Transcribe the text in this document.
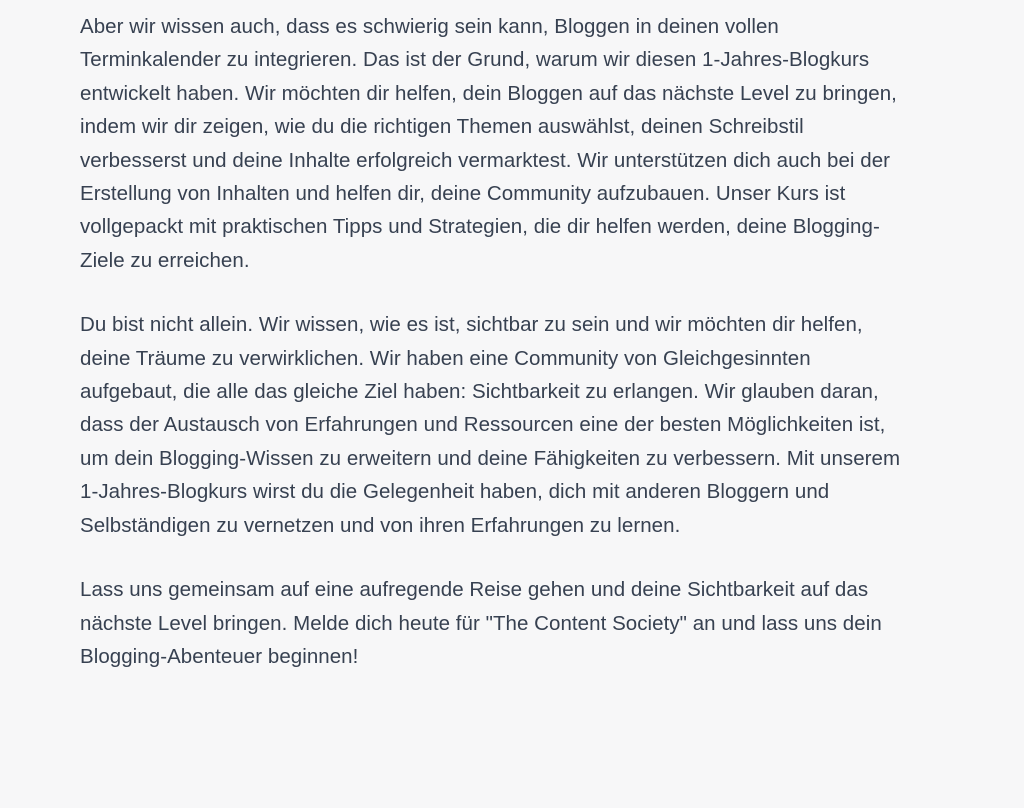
Aber wir wissen auch, dass es schwierig sein kann, Bloggen in deinen vollen
Terminkalender zu integrieren. Das ist der Grund, warum wir diesen 1-Jahres-Blogkurs
entwickelt haben. Wir möchten dir helfen, dein Bloggen auf das nächste Level zu bringen,
indem wir dir zeigen, wie du die richtigen Themen auswählst, deinen Schreibstil
verbesserst und deine Inhalte erfolgreich vermarktest. Wir unterstützen dich auch bei der
Erstellung von Inhalten und helfen dir, deine Community aufzubauen. Unser Kurs ist
vollgepackt mit praktischen Tipps und Strategien, die dir helfen werden, deine Blogging-
Ziele zu erreichen.

Du bist nicht allein. Wir wissen, wie es ist, sichtbar zu sein und wir möchten dir helfen,
deine Träume zu verwirklichen. Wir haben eine Community von Gleichgesinnten
aufgebaut, die alle das gleiche Ziel haben: Sichtbarkeit zu erlangen. Wir glauben daran,
dass der Austausch von Erfahrungen und Ressourcen eine der besten Möglichkeiten ist,
um dein Blogging-Wissen zu erweitern und deine Fähigkeiten zu verbessern. Mit unserem
1-Jahres-Blogkurs wirst du die Gelegenheit haben, dich mit anderen Bloggern und
Selbständigen zu vernetzen und von ihren Erfahrungen zu lernen.

Lass uns gemeinsam auf eine aufregende Reise gehen und deine Sichtbarkeit auf das
nächste Level bringen. Melde dich heute für "The Content Society" an und lass uns dein
Blogging-Abenteuer beginnen!
